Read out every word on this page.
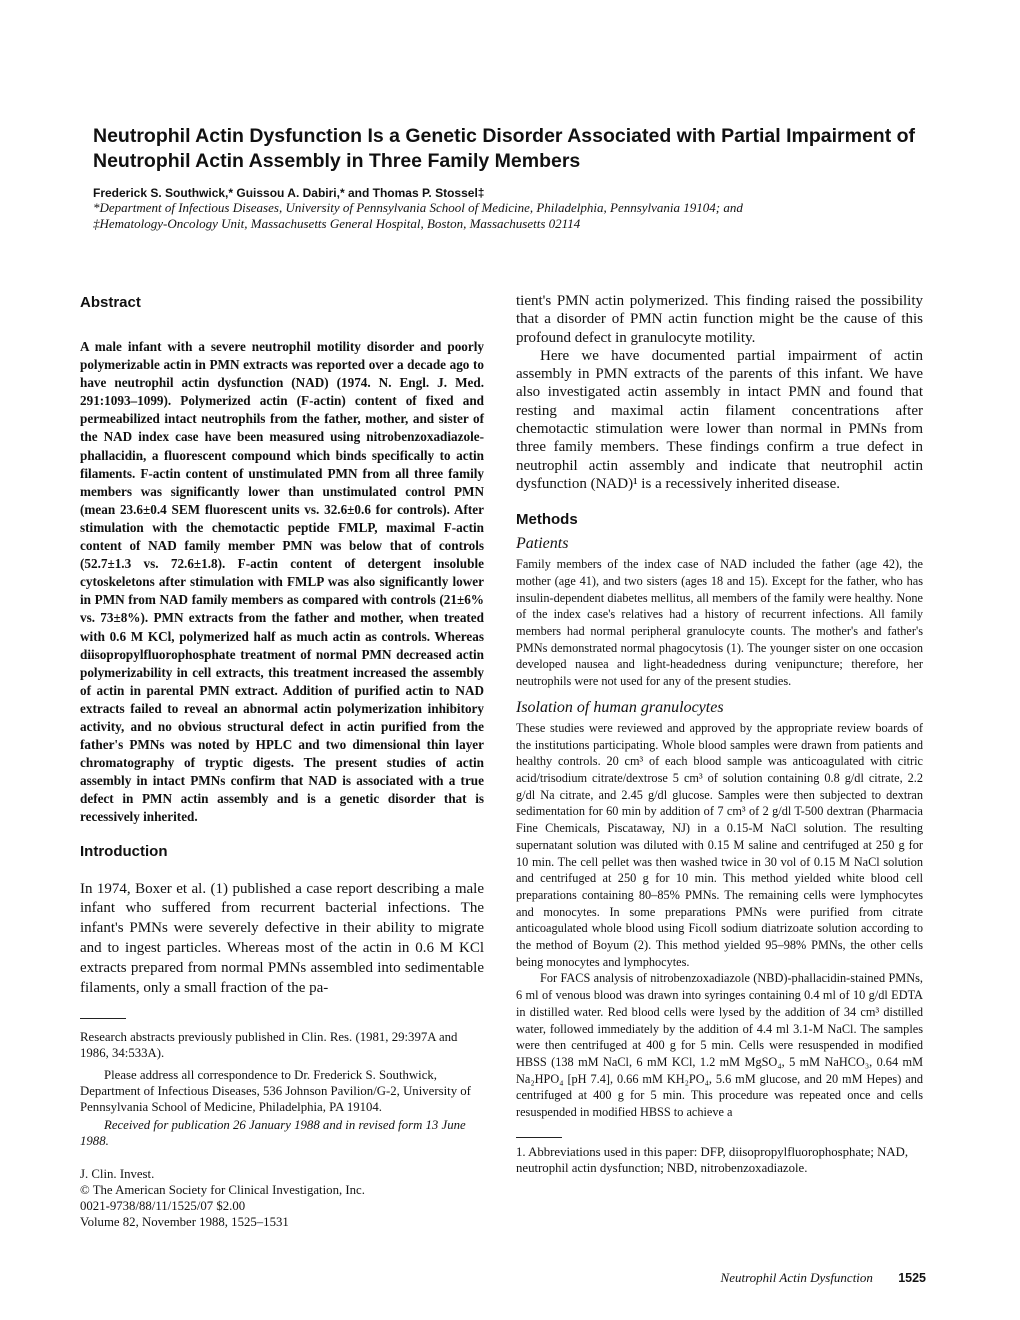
Neutrophil Actin Dysfunction Is a Genetic Disorder Associated with Partial Impairment of Neutrophil Actin Assembly in Three Family Members
Frederick S. Southwick,* Guissou A. Dabiri,* and Thomas P. Stossel‡
*Department of Infectious Diseases, University of Pennsylvania School of Medicine, Philadelphia, Pennsylvania 19104; and
‡Hematology-Oncology Unit, Massachusetts General Hospital, Boston, Massachusetts 02114
Abstract

A male infant with a severe neutrophil motility disorder and poorly polymerizable actin in PMN extracts was reported over a decade ago to have neutrophil actin dysfunction (NAD) (1974. N. Engl. J. Med. 291:1093–1099). Polymerized actin (F-actin) content of fixed and permeabilized intact neutrophils from the father, mother, and sister of the NAD index case have been measured using nitrobenzoxadiazole-phallacidin, a fluorescent compound which binds specifically to actin filaments. F-actin content of unstimulated PMN from all three family members was significantly lower than unstimulated control PMN (mean 23.6±0.4 SEM fluorescent units vs. 32.6±0.6 for controls). After stimulation with the chemotactic peptide FMLP, maximal F-actin content of NAD family member PMN was below that of controls (52.7±1.3 vs. 72.6±1.8). F-actin content of detergent insoluble cytoskeletons after stimulation with FMLP was also significantly lower in PMN from NAD family members as compared with controls (21±6% vs. 73±8%). PMN extracts from the father and mother, when treated with 0.6 M KCl, polymerized half as much actin as controls. Whereas diisopropylfluorophosphate treatment of normal PMN decreased actin polymerizability in cell extracts, this treatment increased the assembly of actin in parental PMN extract. Addition of purified actin to NAD extracts failed to reveal an abnormal actin polymerization inhibitory activity, and no obvious structural defect in actin purified from the father's PMNs was noted by HPLC and two dimensional thin layer chromatography of tryptic digests. The present studies of actin assembly in intact PMNs confirm that NAD is associated with a true defect in PMN actin assembly and is a genetic disorder that is recessively inherited.

Introduction

In 1974, Boxer et al. (1) published a case report describing a male infant who suffered from recurrent bacterial infections. The infant's PMNs were severely defective in their ability to migrate and to ingest particles. Whereas most of the actin in 0.6 M KCl extracts prepared from normal PMNs assembled into sedimentable filaments, only a small fraction of the pa-

Research abstracts previously published in Clin. Res. (1981, 29:397A and 1986, 34:533A).

Please address all correspondence to Dr. Frederick S. Southwick, Department of Infectious Diseases, 536 Johnson Pavilion/G-2, University of Pennsylvania School of Medicine, Philadelphia, PA 19104.

Received for publication 26 January 1988 and in revised form 13 June 1988.

J. Clin. Invest.

© The American Society for Clinical Investigation, Inc.

0021-9738/88/11/1525/07 $2.00

Volume 82, November 1988, 1525–1531

tient's PMN actin polymerized. This finding raised the possibility that a disorder of PMN actin function might be the cause of this profound defect in granulocyte motility.

Here we have documented partial impairment of actin assembly in PMN extracts of the parents of this infant. We have also investigated actin assembly in intact PMN and found that resting and maximal actin filament concentrations after chemotactic stimulation were lower than normal in PMNs from three family members. These findings confirm a true defect in neutrophil actin assembly and indicate that neutrophil actin dysfunction (NAD)¹ is a recessively inherited disease.

Methods

Patients

Family members of the index case of NAD included the father (age 42), the mother (age 41), and two sisters (ages 18 and 15). Except for the father, who has insulin-dependent diabetes mellitus, all members of the family were healthy. None of the index case's relatives had a history of recurrent infections. All family members had normal peripheral granulocyte counts. The mother's and father's PMNs demonstrated normal phagocytosis (1). The younger sister on one occasion developed nausea and light-headedness during venipuncture; therefore, her neutrophils were not used for any of the present studies.

Isolation of human granulocytes

These studies were reviewed and approved by the appropriate review boards of the institutions participating. Whole blood samples were drawn from patients and healthy controls. 20 cm³ of each blood sample was anticoagulated with citric acid/trisodium citrate/dextrose 5 cm³ of solution containing 0.8 g/dl citrate, 2.2 g/dl Na citrate, and 2.45 g/dl glucose. Samples were then subjected to dextran sedimentation for 60 min by addition of 7 cm³ of 2 g/dl T-500 dextran (Pharmacia Fine Chemicals, Piscataway, NJ) in a 0.15-M NaCl solution. The resulting supernatant solution was diluted with 0.15 M saline and centrifuged at 250 g for 10 min. The cell pellet was then washed twice in 30 vol of 0.15 M NaCl solution and centrifuged at 250 g for 10 min. This method yielded white blood cell preparations containing 80–85% PMNs. The remaining cells were lymphocytes and monocytes. In some preparations PMNs were purified from citrate anticoagulated whole blood using Ficoll sodium diatrizoate solution according to the method of Boyum (2). This method yielded 95–98% PMNs, the other cells being monocytes and lymphocytes.

For FACS analysis of nitrobenzoxadiazole (NBD)-phallacidin-stained PMNs, 6 ml of venous blood was drawn into syringes containing 0.4 ml of 10 g/dl EDTA in distilled water. Red blood cells were lysed by the addition of 34 cm³ distilled water, followed immediately by the addition of 4.4 ml 3.1-M NaCl. The samples were then centrifuged at 400 g for 5 min. Cells were resuspended in modified HBSS (138 mM NaCl, 6 mM KCl, 1.2 mM MgSO₄, 5 mM NaHCO₃, 0.64 mM Na₂HPO₄ [pH 7.4], 0.66 mM KH₂PO₄, 5.6 mM glucose, and 20 mM Hepes) and centrifuged at 400 g for 5 min. This procedure was repeated once and cells resuspended in modified HBSS to achieve a

1. Abbreviations used in this paper: DFP, diisopropylfluorophosphate; NAD, neutrophil actin dysfunction; NBD, nitrobenzoxadiazole.

Neutrophil Actin Dysfunction 1525
